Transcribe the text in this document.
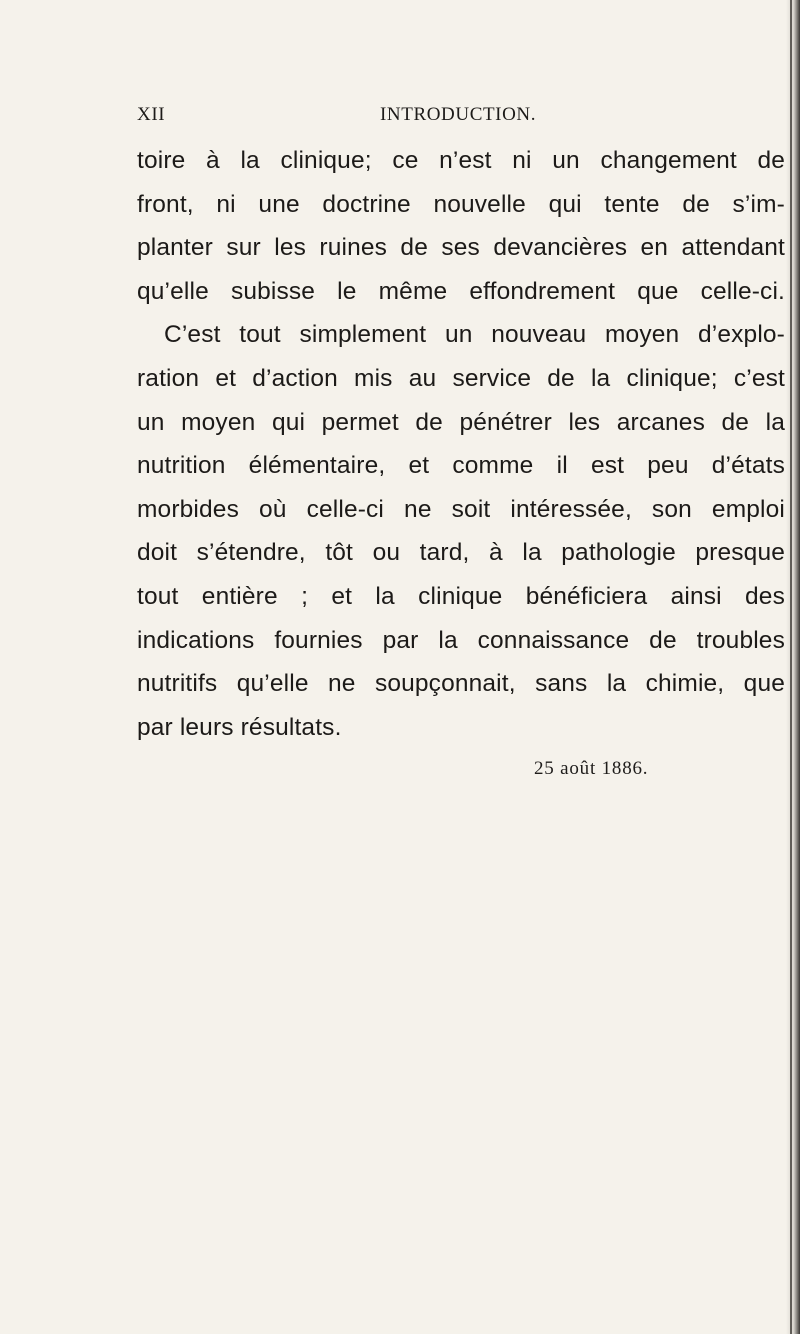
XII	INTRODUCTION.
toire à la clinique; ce n’est ni un changement de
front, ni une doctrine nouvelle qui tente de s’im-
planter sur les ruines de ses devancières en attendant
qu’elle subisse le même effondrement que celle-ci.
C’est tout simplement un nouveau moyen d’explo-
ration et d’action mis au service de la clinique; c’est
un moyen qui permet de pénétrer les arcanes de la
nutrition élémentaire, et comme il est peu d’états
morbides où celle-ci ne soit intéressée, son emploi
doit s’étendre, tôt ou tard, à la pathologie presque
tout entière ; et la clinique bénéficiera ainsi des
indications fournies par la connaissance de troubles
nutritifs qu’elle ne soupçonnait, sans la chimie, que
par leurs résultats.
25 août 1886.
